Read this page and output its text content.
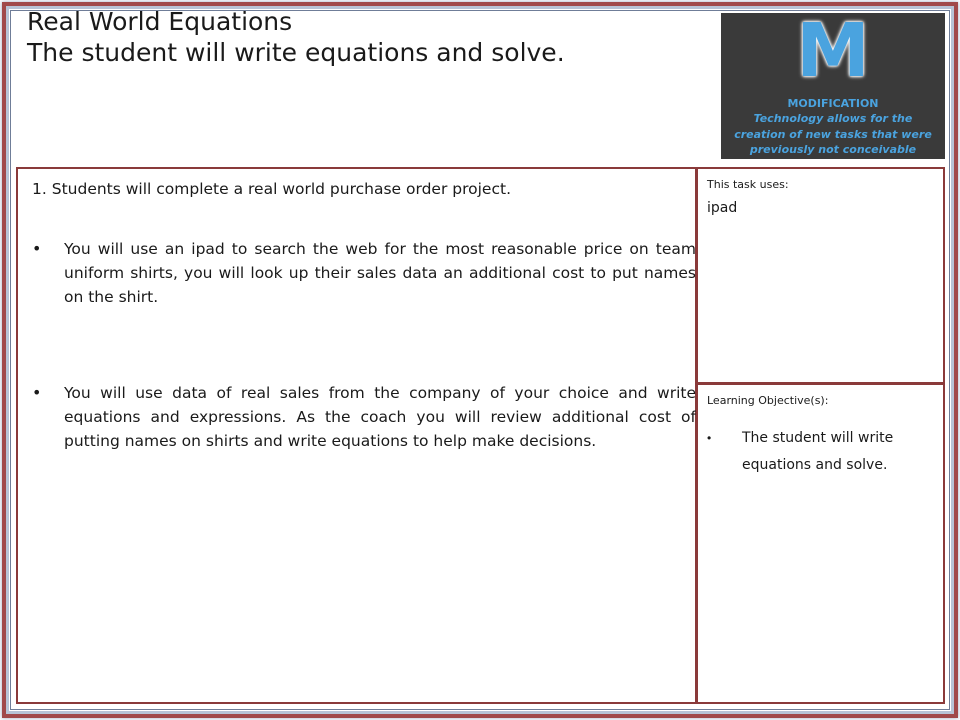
Real World Equations
The student will write equations and solve.	M
MODIFICATION
Technology allows for the creation of new tasks that were previously not conceivable
1. Students will complete a real world purchase order project.
•	You will use an ipad to search the web for the most reasonable price on team uniform shirts, you will look up their sales data an additional cost to put names on the shirt.
•	You will use data of real sales from the company of your choice and write equations and expressions. As the coach you will review additional cost of putting names on shirts and write equations to help make decisions.
This task uses:
ipad
Learning Objective(s):
• The student will write equations and solve.
